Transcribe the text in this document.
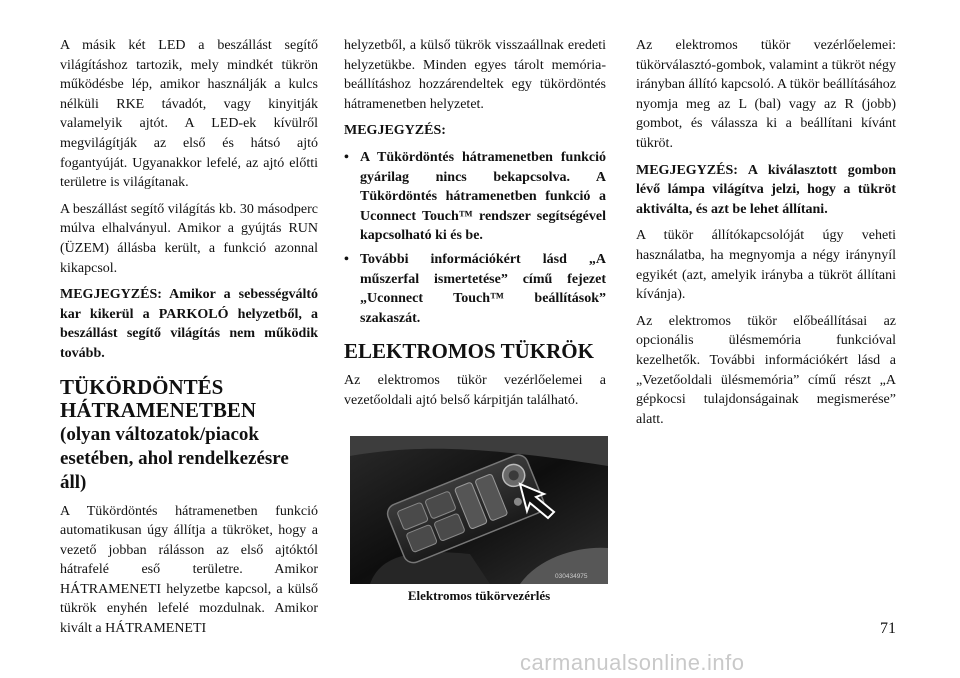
A másik két LED a beszállást segítő világításhoz tartozik, mely mindkét tükrön működésbe lép, amikor használják a kulcs nélküli RKE távadót, vagy kinyitják valamelyik ajtót. A LED-ek kívülről megvilágítják az első és hátsó ajtó fogantyúját. Ugyanakkor lefelé, az ajtó előtti területre is világítanak.

A beszállást segítő világítás kb. 30 másodperc múlva elhalványul. Amikor a gyújtás RUN (ÜZEM) állásba került, a funkció azonnal kikapcsol.

MEGJEGYZÉS: Amikor a sebességváltó kar kikerül a PARKOLÓ helyzetből, a beszállást segítő világítás nem működik tovább.

TÜKÖRDÖNTÉS
HÁTRAMENETBEN
(olyan változatok/piacok
esetében, ahol rendelkezésre áll)

A Tükördöntés hátramenetben funkció automatikusan úgy állítja a tükröket, hogy a vezető jobban rálásson az első ajtóktól hátrafelé eső területre. Amikor HÁTRAMENETI helyzetbe kapcsol, a külső tükrök enyhén lefelé mozdulnak. Amikor kivált a HÁTRAMENETI

helyzetből, a külső tükrök visszaállnak eredeti helyzetükbe. Minden egyes tárolt memória-beállításhoz hozzárendeltek egy tükördöntés hátramenetben helyzetet.

MEGJEGYZÉS:

• A Tükördöntés hátramenetben funkció gyárilag nincs bekapcsolva. A Tükördöntés hátramenetben funkció a Uconnect Touch™ rendszer segítségével kapcsolható ki és be.
• További információkért lásd „A műszerfal ismertetése” című fejezet „Uconnect Touch™ beállítások” szakaszát.
ELEKTROMOS TÜKRÖK

Az elektromos tükör vezérlőelemei a vezetőoldali ajtó belső kárpitján található.

030434975
Elektromos tükörvezérlés

Az elektromos tükör vezérlőelemei: tükörválasztó-gombok, valamint a tükröt négy irányban állító kapcsoló. A tükör beállításához nyomja meg az L (bal) vagy az R (jobb) gombot, és válassza ki a beállítani kívánt tükröt.

MEGJEGYZÉS: A kiválasztott gombon lévő lámpa világítva jelzi, hogy a tükröt aktiválta, és azt be lehet állítani.

A tükör állítókapcsolóját úgy veheti használatba, ha megnyomja a négy iránynyíl egyikét (azt, amelyik irányba a tükröt állítani kívánja).

Az elektromos tükör előbeállításai az opcionális ülésmemória funkcióval kezelhetők. További információkért lásd a „Vezetőoldali ülésmemória” című részt „A gépkocsi tulajdonságainak megismerése” alatt.

71
carmanualsonline.info
